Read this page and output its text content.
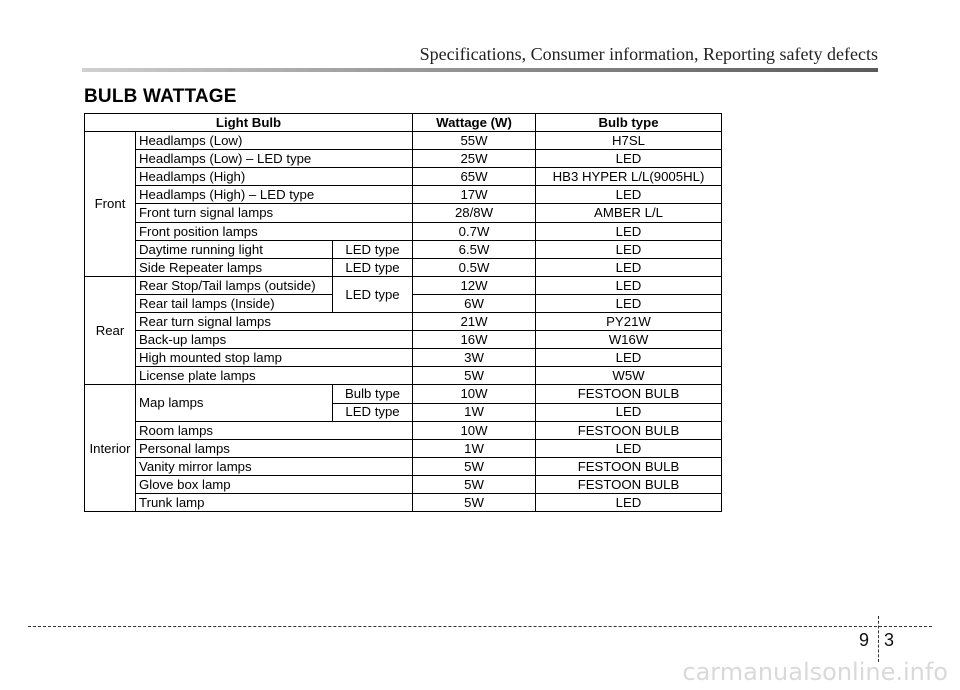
Specifications, Consumer information, Reporting safety defects
BULB WATTAGE
Light Bulb			Wattage (W)	Bulb type
Front	Headlamps (Low)		55W	H7SL
	Headlamps (Low) – LED type		25W	LED
	Headlamps (High)		65W	HB3 HYPER L/L(9005HL)
	Headlamps (High) – LED type		17W	LED
	Front turn signal lamps		28/8W	AMBER L/L
	Front position lamps		0.7W	LED
	Daytime running light	LED type	6.5W	LED
	Side Repeater lamps	LED type	0.5W	LED
Rear	Rear Stop/Tail lamps (outside)	LED type	12W	LED
	Rear tail lamps (Inside)		6W	LED
	Rear turn signal lamps		21W	PY21W
	Back-up lamps		16W	W16W
	High mounted stop lamp		3W	LED
	License plate lamps		5W	W5W
Interior	Map lamps	Bulb type	10W	FESTOON BULB
		LED type	1W	LED
	Room lamps		10W	FESTOON BULB
	Personal lamps		1W	LED
	Vanity mirror lamps		5W	FESTOON BULB
	Glove box lamp		5W	FESTOON BULB
	Trunk lamp		5W	LED
9 3
carmanualsonline.info
